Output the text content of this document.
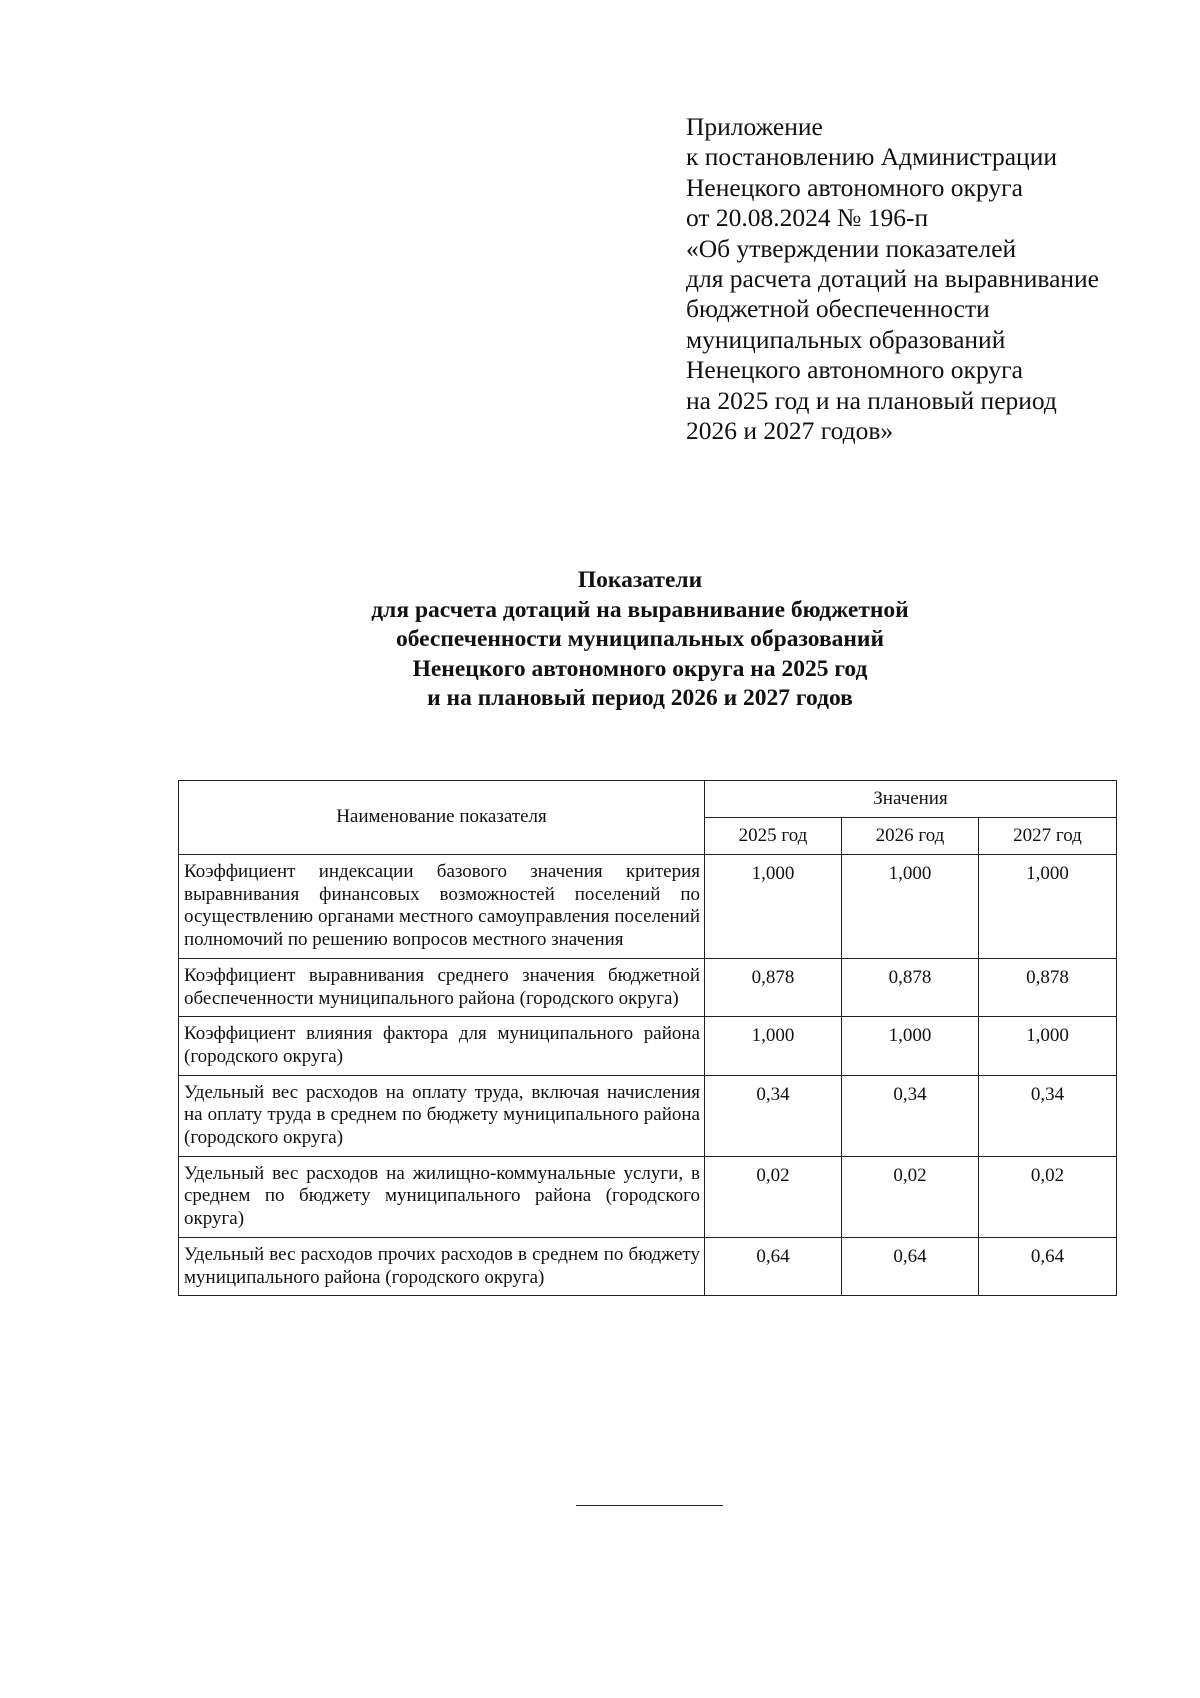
Приложение
к постановлению Администрации
Ненецкого автономного округа
от 20.08.2024 № 196-п
«Об утверждении показателей
для расчета дотаций на выравнивание
бюджетной обеспеченности
муниципальных образований
Ненецкого автономного округа
на 2025 год и на плановый период
2026 и 2027 годов»
Показатели
для расчета дотаций на выравнивание бюджетной
обеспеченности муниципальных образований
Ненецкого автономного округа на 2025 год
и на плановый период 2026 и 2027 годов
Наименование показателя	Значения		
	2025 год	2026 год	2027 год
Коэффициент индексации базового значения критерия выравнивания финансовых возможностей поселений по осуществлению органами местного самоуправления поселений полномочий по решению вопросов местного значения	1,000	1,000	1,000
Коэффициент выравнивания среднего значения бюджетной обеспеченности муниципального района (городского округа)	0,878	0,878	0,878
Коэффициент влияния фактора для муниципального района (городского округа)	1,000	1,000	1,000
Удельный вес расходов на оплату труда, включая начисления на оплату труда в среднем по бюджету муниципального района (городского округа)	0,34	0,34	0,34
Удельный вес расходов на жилищно-коммунальные услуги, в среднем по бюджету муниципального района (городского округа)	0,02	0,02	0,02
Удельный вес расходов прочих расходов в среднем по бюджету муниципального района (городского округа)	0,64	0,64	0,64
